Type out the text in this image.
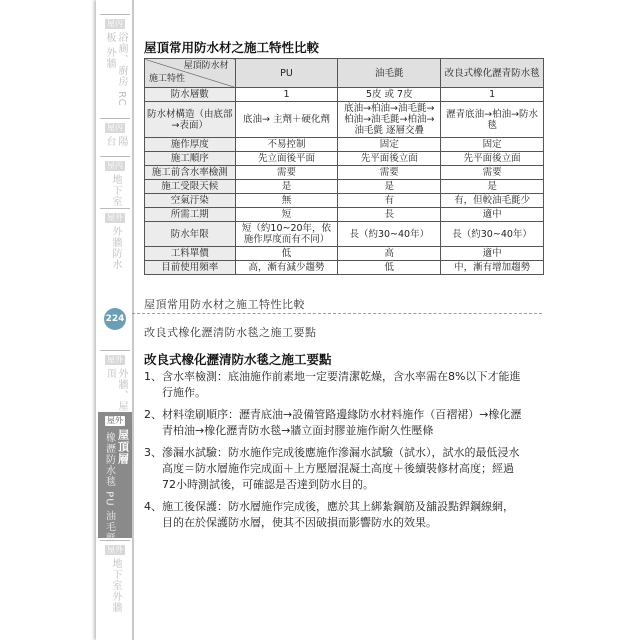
屋內
浴廁、廚房 RC板 外牆
屋內
陽台
屋內
地下室
屋外
外牆防水
屋外
外牆、屋頂
屋外
屋頂層
橡瀝防水毯 PU 油毛氈
屋外
地下室外牆
屋頂常用防水材之施工特性比較
屋頂防水材
施工特性	PU	油毛氈	改良式橡化瀝青防水毯
防水層數	1	5皮 或 7皮	1
防水材構造（由底部→表面）	底油→ 主劑＋硬化劑	底油→柏油→油毛氈→柏油→油毛氈→柏油→油毛氈 逐層交疊	瀝青底油→柏油→防水毯
施作厚度	不易控制	固定	固定
施工順序	先立面後平面	先平面後立面	先平面後立面
施工前含水率檢測	需要	需要	需要
施工受限天候	是	是	是
空氣汙染	無	有	有，但較油毛氈少
所需工期	短	長	適中
防水年限	短（約10~20年，依施作厚度而有不同）	長（約30~40年）	長（約30~40年）
工料單價	低	高	適中
目前使用頻率	高，漸有減少趨勢	低	中，漸有增加趨勢
屋頂常用防水材之施工特性比較
224
改良式橡化瀝清防水毯之施工要點
改良式橡化瀝清防水毯之施工要點
1、 含水率檢測：底油施作前素地一定要清潔乾燥，含水率需在8%以下才能進行施作。
2、 材料塗刷順序：瀝青底油→設備管路邊緣防水材料施作（百褶裙）→橡化瀝青柏油→橡化瀝青防水毯→牆立面封膠並施作耐久性壓條
3、 滲漏水試驗：防水施作完成後應施作滲漏水試驗（試水），試水的最低浸水高度＝防水層施作完成面＋上方壓層混凝土高度＋後續裝修材高度；經過72小時測試後，可確認是否達到防水目的。
4、 施工後保護：防水層施作完成後，應於其上綁紮鋼筋及舖設點銲鋼線網，目的在於保護防水層，使其不因破損而影響防水的效果。
